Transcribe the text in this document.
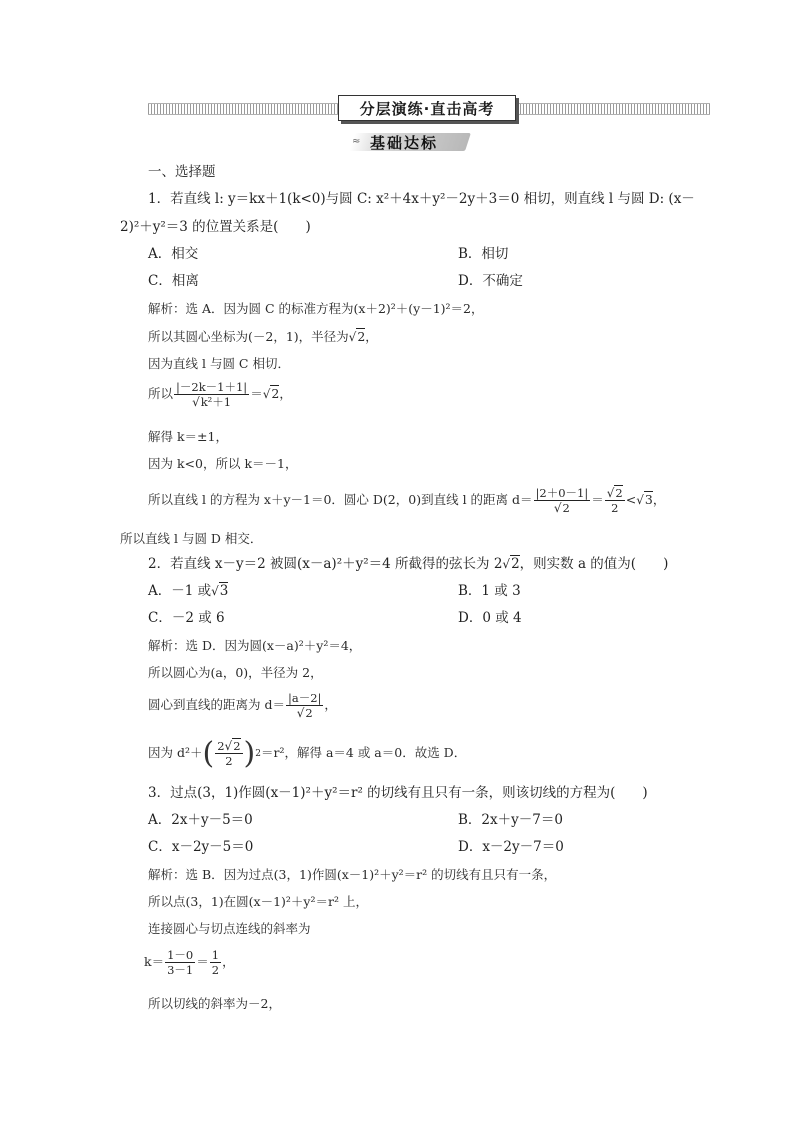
分层演练·直击高考
≈ 基础达标
一、选择题
1．若直线 l: y＝kx＋1(k<0)与圆 C: x²＋4x＋y²－2y＋3＝0 相切，则直线 l 与圆 D: (x－
2)²＋y²＝3 的位置关系是(　　)
A．相交	B．相切
C．相离	D．不确定
解析：选 A．因为圆 C 的标准方程为(x＋2)²＋(y－1)²＝2，
所以其圆心坐标为(－2，1)，半径为√2，
因为直线 l 与圆 C 相切．
所以 $\frac{|-2k-1+1|}{\text{√k²＋1}} =√2$，
解得 k＝±1，
因为 k<0，所以 k＝－1，
所以直线 l 的方程为 x＋y－1＝0．圆心 D(2，0)到直线 l 的距离 $d= \frac{|2+0-1|}{√2} = \frac{√2}{2} <√3$，
所以直线 l 与圆 D 相交．
2．若直线 x－y＝2 被圆(x－a)²＋y²＝4 所截得的弦长为 2√2，则实数 a 的值为(　　)
A．－1 或√3	B．1 或 3
C．－2 或 6	D．0 或 4
解析：选 D．因为圆(x－a)²＋y²＝4，
所以圆心为(a，0)，半径为 2，
圆心到直线的距离为 $d= \frac{|a-2|}{√2}$ ，
因为 d²＋ ( $\frac{2√2}{2}$ ) 2 ＝r²，解得 a＝4 或 a＝0．故选 D．
3．过点(3，1)作圆(x－1)²＋y²＝r² 的切线有且只有一条，则该切线的方程为(　　)
A．2x＋y－5＝0	B．2x＋y－7＝0
C．x－2y－5＝0	D．x－2y－7＝0
解析：选 B．因为过点(3，1)作圆(x－1)²＋y²＝r² 的切线有且只有一条，
所以点(3，1)在圆(x－1)²＋y²＝r² 上，
连接圆心与切点连线的斜率为
$k= \frac{1-0}{3-1} = \frac{1}{2}$ ，
所以切线的斜率为－2，
